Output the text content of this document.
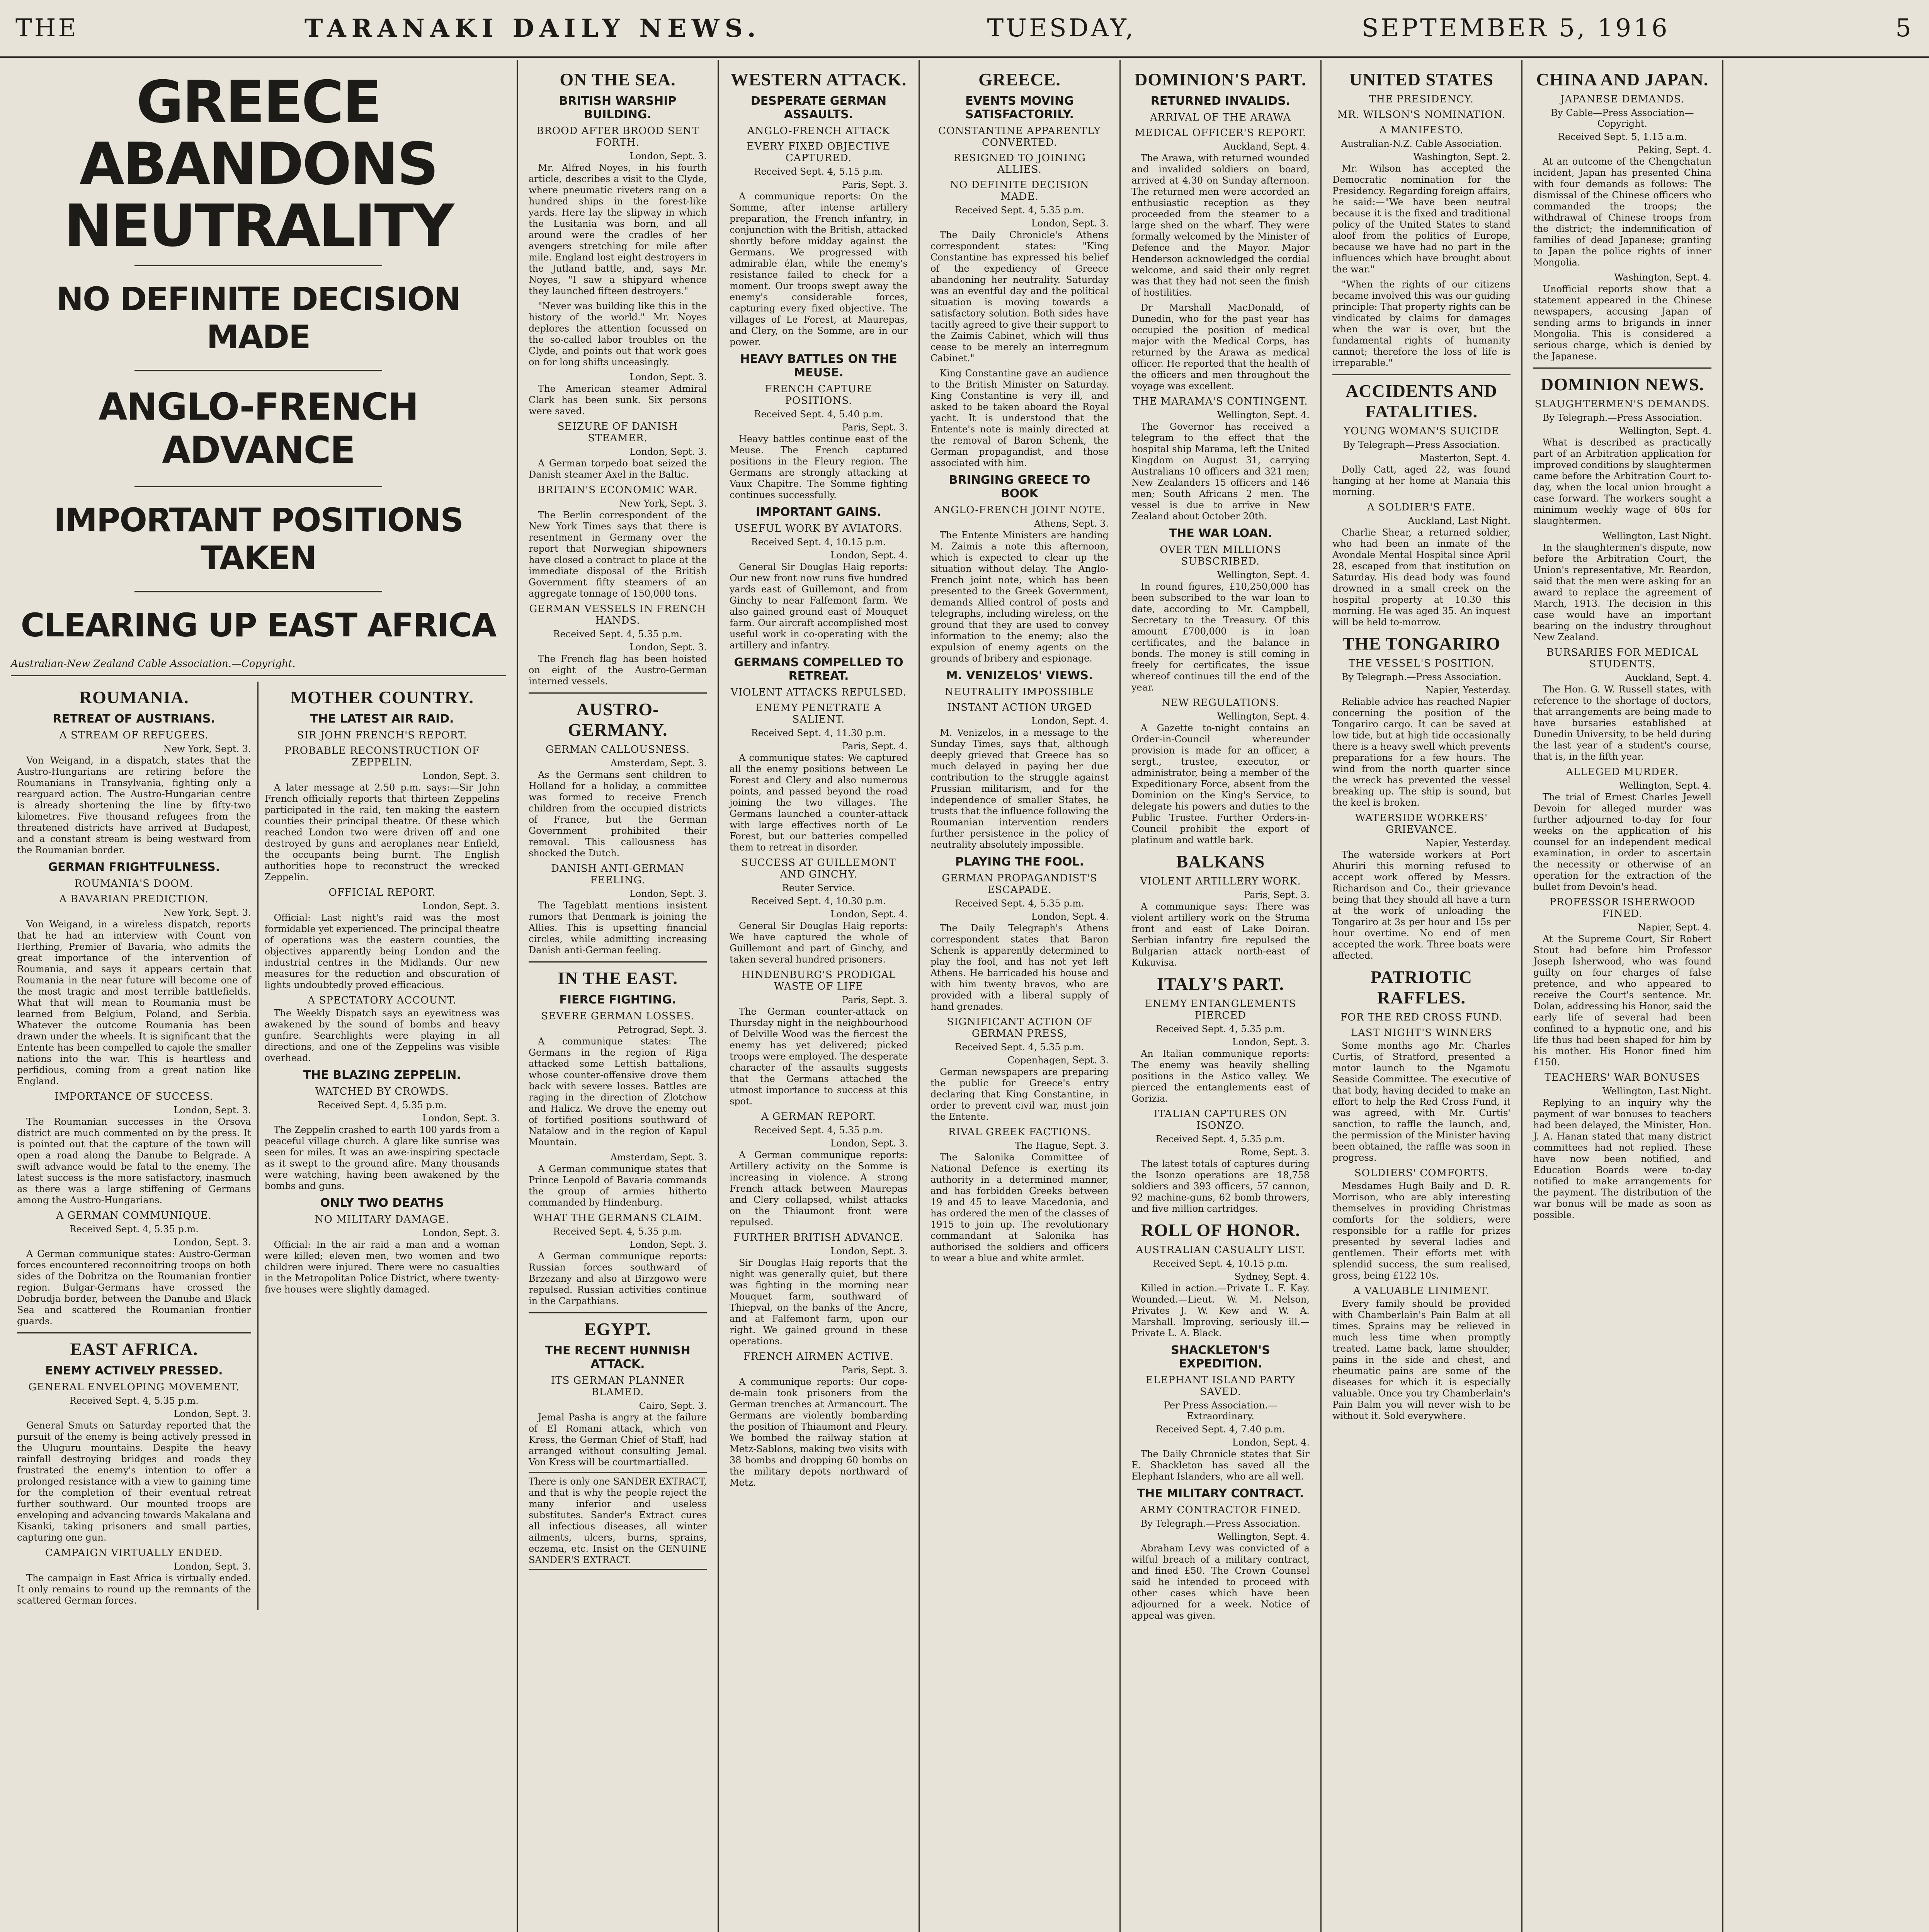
THE	TARANAKI DAILY NEWS.	TUESDAY,	SEPTEMBER 5, 1916	5
GREECE ABANDONS NEUTRALITY
NO DEFINITE DECISION MADE
ANGLO-FRENCH ADVANCE
IMPORTANT POSITIONS TAKEN
CLEARING UP EAST AFRICA
Australian-New Zealand Cable Association.—Copyright.
ROUMANIA.
RETREAT OF AUSTRIANS.
A STREAM OF REFUGEES.
New York, Sept. 3.

Von Weigand, in a dispatch, states that the Austro-Hungarians are retiring before the Roumanians in Transylvania, fighting only a rearguard action. The Austro-Hungarian centre is already shortening the line by fifty-two kilometres. Five thousand refugees from the threatened districts have arrived at Budapest, and a constant stream is being westward from the Roumanian border.

GERMAN FRIGHTFULNESS.
ROUMANIA'S DOOM.
A BAVARIAN PREDICTION.
New York, Sept. 3.

Von Weigand, in a wireless dispatch, reports that he had an interview with Count von Herthing, Premier of Bavaria, who admits the great importance of the intervention of Roumania, and says it appears certain that Roumania in the near future will become one of the most tragic and most terrible battlefields. What that will mean to Roumania must be learned from Belgium, Poland, and Serbia. Whatever the outcome Roumania has been drawn under the wheels. It is significant that the Entente has been compelled to cajole the smaller nations into the war. This is heartless and perfidious, coming from a great nation like England.

IMPORTANCE OF SUCCESS.
London, Sept. 3.

The Roumanian successes in the Orsova district are much commented on by the press. It is pointed out that the capture of the town will open a road along the Danube to Belgrade. A swift advance would be fatal to the enemy. The latest success is the more satisfactory, inasmuch as there was a large stiffening of Germans among the Austro-Hungarians.

A GERMAN COMMUNIQUE.
Received Sept. 4, 5.35 p.m.
London, Sept. 3.

A German communique states: Austro-German forces encountered reconnoitring troops on both sides of the Dobritza on the Roumanian frontier region. Bulgar-Germans have crossed the Dobrudja border, between the Danube and Black Sea and scattered the Roumanian frontier guards.

EAST AFRICA.
ENEMY ACTIVELY PRESSED.
GENERAL ENVELOPING MOVEMENT.
Received Sept. 4, 5.35 p.m.
London, Sept. 3.

General Smuts on Saturday reported that the pursuit of the enemy is being actively pressed in the Uluguru mountains. Despite the heavy rainfall destroying bridges and roads they frustrated the enemy's intention to offer a prolonged resistance with a view to gaining time for the completion of their eventual retreat further southward. Our mounted troops are enveloping and advancing towards Makalana and Kisanki, taking prisoners and small parties, capturing one gun.

CAMPAIGN VIRTUALLY ENDED.
London, Sept. 3.

The campaign in East Africa is virtually ended. It only remains to round up the remnants of the scattered German forces.

MOTHER COUNTRY.
THE LATEST AIR RAID.
SIR JOHN FRENCH'S REPORT.
PROBABLE RECONSTRUCTION OF ZEPPELIN.
London, Sept. 3.

A later message at 2.50 p.m. says:—Sir John French officially reports that thirteen Zeppelins participated in the raid, ten making the eastern counties their principal theatre. Of these which reached London two were driven off and one destroyed by guns and aeroplanes near Enfield, the occupants being burnt. The English authorities hope to reconstruct the wrecked Zeppelin.

OFFICIAL REPORT.
London, Sept. 3.

Official: Last night's raid was the most formidable yet experienced. The principal theatre of operations was the eastern counties, the objectives apparently being London and the industrial centres in the Midlands. Our new measures for the reduction and obscuration of lights undoubtedly proved efficacious.

A SPECTATORY ACCOUNT.

The Weekly Dispatch says an eyewitness was awakened by the sound of bombs and heavy gunfire. Searchlights were playing in all directions, and one of the Zeppelins was visible overhead.

THE BLAZING ZEPPELIN.
WATCHED BY CROWDS.
Received Sept. 4, 5.35 p.m.
London, Sept. 3.

The Zeppelin crashed to earth 100 yards from a peaceful village church. A glare like sunrise was seen for miles. It was an awe-inspiring spectacle as it swept to the ground afire. Many thousands were watching, having been awakened by the bombs and guns.

ONLY TWO DEATHS
NO MILITARY DAMAGE.
London, Sept. 3.

Official: In the air raid a man and a woman were killed; eleven men, two women and two children were injured. There were no casualties in the Metropolitan Police District, where twenty-five houses were slightly damaged.

ON THE SEA.
BRITISH WARSHIP BUILDING.
BROOD AFTER BROOD SENT FORTH.
London, Sept. 3.

Mr. Alfred Noyes, in his fourth article, describes a visit to the Clyde, where pneumatic riveters rang on a hundred ships in the forest-like yards. Here lay the slipway in which the Lusitania was born, and all around were the cradles of her avengers stretching for mile after mile. England lost eight destroyers in the Jutland battle, and, says Mr. Noyes, "I saw a shipyard whence they launched fifteen destroyers."

"Never was building like this in the history of the world." Mr. Noyes deplores the attention focussed on the so-called labor troubles on the Clyde, and points out that work goes on for long shifts unceasingly.

London, Sept. 3.

The American steamer Admiral Clark has been sunk. Six persons were saved.

SEIZURE OF DANISH STEAMER.
London, Sept. 3.

A German torpedo boat seized the Danish steamer Axel in the Baltic.

BRITAIN'S ECONOMIC WAR.
New York, Sept. 3.

The Berlin correspondent of the New York Times says that there is resentment in Germany over the report that Norwegian shipowners have closed a contract to place at the immediate disposal of the British Government fifty steamers of an aggregate tonnage of 150,000 tons.

GERMAN VESSELS IN FRENCH HANDS.
Received Sept. 4, 5.35 p.m.
London, Sept. 3.

The French flag has been hoisted on eight of the Austro-German interned vessels.

AUSTRO-GERMANY.
GERMAN CALLOUSNESS.
Amsterdam, Sept. 3.

As the Germans sent children to Holland for a holiday, a committee was formed to receive French children from the occupied districts of France, but the German Government prohibited their removal. This callousness has shocked the Dutch.

DANISH ANTI-GERMAN FEELING.
London, Sept. 3.

The Tageblatt mentions insistent rumors that Denmark is joining the Allies. This is upsetting financial circles, while admitting increasing Danish anti-German feeling.

IN THE EAST.
FIERCE FIGHTING.
SEVERE GERMAN LOSSES.
Petrograd, Sept. 3.

A communique states: The Germans in the region of Riga attacked some Lettish battalions, whose counter-offensive drove them back with severe losses. Battles are raging in the direction of Zlotchow and Halicz. We drove the enemy out of fortified positions southward of Natalow and in the region of Kapul Mountain.

Amsterdam, Sept. 3.

A German communique states that Prince Leopold of Bavaria commands the group of armies hitherto commanded by Hindenburg.

WHAT THE GERMANS CLAIM.
Received Sept. 4, 5.35 p.m.
London, Sept. 3.

A German communique reports: Russian forces southward of Brzezany and also at Birzgowo were repulsed. Russian activities continue in the Carpathians.

EGYPT.
THE RECENT HUNNISH ATTACK.
ITS GERMAN PLANNER BLAMED.
Cairo, Sept. 3.

Jemal Pasha is angry at the failure of El Romani attack, which von Kress, the German Chief of Staff, had arranged without consulting Jemal. Von Kress will be courtmartialled.

There is only one SANDER EXTRACT, and that is why the people reject the many inferior and useless substitutes. Sander's Extract cures all infectious diseases, all winter ailments, ulcers, burns, sprains, eczema, etc. Insist on the GENUINE SANDER'S EXTRACT.
WESTERN ATTACK.
DESPERATE GERMAN ASSAULTS.
ANGLO-FRENCH ATTACK
EVERY FIXED OBJECTIVE CAPTURED.
Received Sept. 4, 5.15 p.m.
Paris, Sept. 3.

A communique reports: On the Somme, after intense artillery preparation, the French infantry, in conjunction with the British, attacked shortly before midday against the Germans. We progressed with admirable élan, while the enemy's resistance failed to check for a moment. Our troops swept away the enemy's considerable forces, capturing every fixed objective. The villages of Le Forest, at Maurepas, and Clery, on the Somme, are in our power.

HEAVY BATTLES ON THE MEUSE.
FRENCH CAPTURE POSITIONS.
Received Sept. 4, 5.40 p.m.
Paris, Sept. 3.

Heavy battles continue east of the Meuse. The French captured positions in the Fleury region. The Germans are strongly attacking at Vaux Chapitre. The Somme fighting continues successfully.

IMPORTANT GAINS.
USEFUL WORK BY AVIATORS.
Received Sept. 4, 10.15 p.m.
London, Sept. 4.

General Sir Douglas Haig reports: Our new front now runs five hundred yards east of Guillemont, and from Ginchy to near Falfemont farm. We also gained ground east of Mouquet farm. Our aircraft accomplished most useful work in co-operating with the artillery and infantry.

GERMANS COMPELLED TO RETREAT.
VIOLENT ATTACKS REPULSED.
ENEMY PENETRATE A SALIENT.
Received Sept. 4, 11.30 p.m.
Paris, Sept. 4.

A communique states: We captured all the enemy positions between Le Forest and Clery and also numerous points, and passed beyond the road joining the two villages. The Germans launched a counter-attack with large effectives north of Le Forest, but our batteries compelled them to retreat in disorder.

SUCCESS AT GUILLEMONT AND GINCHY.
Reuter Service.
Received Sept. 4, 10.30 p.m.
London, Sept. 4.

General Sir Douglas Haig reports: We have captured the whole of Guillemont and part of Ginchy, and taken several hundred prisoners.

HINDENBURG'S PRODIGAL WASTE OF LIFE
Paris, Sept. 3.

The German counter-attack on Thursday night in the neighbourhood of Delville Wood was the fiercest the enemy has yet delivered; picked troops were employed. The desperate character of the assaults suggests that the Germans attached the utmost importance to success at this spot.

A GERMAN REPORT.
Received Sept. 4, 5.35 p.m.
London, Sept. 3.

A German communique reports: Artillery activity on the Somme is increasing in violence. A strong French attack between Maurepas and Clery collapsed, whilst attacks on the Thiaumont front were repulsed.

FURTHER BRITISH ADVANCE.
London, Sept. 3.

Sir Douglas Haig reports that the night was generally quiet, but there was fighting in the morning near Mouquet farm, southward of Thiepval, on the banks of the Ancre, and at Falfemont farm, upon our right. We gained ground in these operations.

FRENCH AIRMEN ACTIVE.
Paris, Sept. 3.

A communique reports: Our cope-de-main took prisoners from the German trenches at Armancourt. The Germans are violently bombarding the position of Thiaumont and Fleury. We bombed the railway station at Metz-Sablons, making two visits with 38 bombs and dropping 60 bombs on the military depots northward of Metz.

GREECE.
EVENTS MOVING SATISFACTORILY.
CONSTANTINE APPARENTLY CONVERTED.
RESIGNED TO JOINING ALLIES.
NO DEFINITE DECISION MADE.
Received Sept. 4, 5.35 p.m.
London, Sept. 3.

The Daily Chronicle's Athens correspondent states: "King Constantine has expressed his belief of the expediency of Greece abandoning her neutrality. Saturday was an eventful day and the political situation is moving towards a satisfactory solution. Both sides have tacitly agreed to give their support to the Zaimis Cabinet, which will thus cease to be merely an interregnum Cabinet."

King Constantine gave an audience to the British Minister on Saturday. King Constantine is very ill, and asked to be taken aboard the Royal yacht. It is understood that the Entente's note is mainly directed at the removal of Baron Schenk, the German propagandist, and those associated with him.

BRINGING GREECE TO BOOK
ANGLO-FRENCH JOINT NOTE.
Athens, Sept. 3.

The Entente Ministers are handing M. Zaimis a note this afternoon, which is expected to clear up the situation without delay. The Anglo-French joint note, which has been presented to the Greek Government, demands Allied control of posts and telegraphs, including wireless, on the ground that they are used to convey information to the enemy; also the expulsion of enemy agents on the grounds of bribery and espionage.

M. VENIZELOS' VIEWS.
NEUTRALITY IMPOSSIBLE
INSTANT ACTION URGED
London, Sept. 4.

M. Venizelos, in a message to the Sunday Times, says that, although deeply grieved that Greece has so much delayed in paying her due contribution to the struggle against Prussian militarism, and for the independence of smaller States, he trusts that the influence following the Roumanian intervention renders further persistence in the policy of neutrality absolutely impossible.

PLAYING THE FOOL.
GERMAN PROPAGANDIST'S ESCAPADE.
Received Sept. 4, 5.35 p.m.
London, Sept. 4.

The Daily Telegraph's Athens correspondent states that Baron Schenk is apparently determined to play the fool, and has not yet left Athens. He barricaded his house and with him twenty bravos, who are provided with a liberal supply of hand grenades.

SIGNIFICANT ACTION OF GERMAN PRESS,
Received Sept. 4, 5.35 p.m.
Copenhagen, Sept. 3.

German newspapers are preparing the public for Greece's entry declaring that King Constantine, in order to prevent civil war, must join the Entente.

RIVAL GREEK FACTIONS.
The Hague, Sept. 3.

The Salonika Committee of National Defence is exerting its authority in a determined manner, and has forbidden Greeks between 19 and 45 to leave Macedonia, and has ordered the men of the classes of 1915 to join up. The revolutionary commandant at Salonika has authorised the soldiers and officers to wear a blue and white armlet.

DOMINION'S PART.
RETURNED INVALIDS.
ARRIVAL OF THE ARAWA
MEDICAL OFFICER'S REPORT.
Auckland, Sept. 4.

The Arawa, with returned wounded and invalided soldiers on board, arrived at 4.30 on Sunday afternoon. The returned men were accorded an enthusiastic reception as they proceeded from the steamer to a large shed on the wharf. They were formally welcomed by the Minister of Defence and the Mayor. Major Henderson acknowledged the cordial welcome, and said their only regret was that they had not seen the finish of hostilities.

Dr Marshall MacDonald, of Dunedin, who for the past year has occupied the position of medical major with the Medical Corps, has returned by the Arawa as medical officer. He reported that the health of the officers and men throughout the voyage was excellent.

THE MARAMA'S CONTINGENT.
Wellington, Sept. 4.

The Governor has received a telegram to the effect that the hospital ship Marama, left the United Kingdom on August 31, carrying Australians 10 officers and 321 men; New Zealanders 15 officers and 146 men; South Africans 2 men. The vessel is due to arrive in New Zealand about October 20th.

THE WAR LOAN.
OVER TEN MILLIONS SUBSCRIBED.
Wellington, Sept. 4.

In round figures, £10,250,000 has been subscribed to the war loan to date, according to Mr. Campbell, Secretary to the Treasury. Of this amount £700,000 is in loan certificates, and the balance in bonds. The money is still coming in freely for certificates, the issue whereof continues till the end of the year.

NEW REGULATIONS.
Wellington, Sept. 4.

A Gazette to-night contains an Order-in-Council whereunder provision is made for an officer, a sergt., trustee, executor, or administrator, being a member of the Expeditionary Force, absent from the Dominion on the King's Service, to delegate his powers and duties to the Public Trustee. Further Orders-in-Council prohibit the export of platinum and wattle bark.

BALKANS
VIOLENT ARTILLERY WORK.
Paris, Sept. 3.

A communique says: There was violent artillery work on the Struma front and east of Lake Doiran. Serbian infantry fire repulsed the Bulgarian attack north-east of Kukuvisa.

ITALY'S PART.
ENEMY ENTANGLEMENTS PIERCED
Received Sept. 4, 5.35 p.m.
London, Sept. 3.

An Italian communique reports: The enemy was heavily shelling positions in the Astico valley. We pierced the entanglements east of Gorizia.

ITALIAN CAPTURES ON ISONZO.
Received Sept. 4, 5.35 p.m.
Rome, Sept. 3.

The latest totals of captures during the Isonzo operations are 18,758 soldiers and 393 officers, 57 cannon, 92 machine-guns, 62 bomb throwers, and five million cartridges.

ROLL OF HONOR.
AUSTRALIAN CASUALTY LIST.
Received Sept. 4, 10.15 p.m.
Sydney, Sept. 4.

Killed in action.—Private L. F. Kay. Wounded.—Lieut. W. M. Nelson, Privates J. W. Kew and W. A. Marshall. Improving, seriously ill.—Private L. A. Black.

SHACKLETON'S EXPEDITION.
ELEPHANT ISLAND PARTY SAVED.
Per Press Association.—Extraordinary.
Received Sept. 4, 7.40 p.m.
London, Sept. 4.

The Daily Chronicle states that Sir E. Shackleton has saved all the Elephant Islanders, who are all well.

THE MILITARY CONTRACT.
ARMY CONTRACTOR FINED.
By Telegraph.—Press Association.
Wellington, Sept. 4.

Abraham Levy was convicted of a wilful breach of a military contract, and fined £50. The Crown Counsel said he intended to proceed with other cases which have been adjourned for a week. Notice of appeal was given.

UNITED STATES
THE PRESIDENCY.
MR. WILSON'S NOMINATION.
A MANIFESTO.
Australian-N.Z. Cable Association.
Washington, Sept. 2.

Mr. Wilson has accepted the Democratic nomination for the Presidency. Regarding foreign affairs, he said:—"We have been neutral because it is the fixed and traditional policy of the United States to stand aloof from the politics of Europe, because we have had no part in the influences which have brought about the war."

"When the rights of our citizens became involved this was our guiding principle: That property rights can be vindicated by claims for damages when the war is over, but the fundamental rights of humanity cannot; therefore the loss of life is irreparable."

ACCIDENTS AND FATALITIES.
YOUNG WOMAN'S SUICIDE
By Telegraph—Press Association.
Masterton, Sept. 4.

Dolly Catt, aged 22, was found hanging at her home at Manaia this morning.

A SOLDIER'S FATE.
Auckland, Last Night.

Charlie Shear, a returned soldier, who had been an inmate of the Avondale Mental Hospital since April 28, escaped from that institution on Saturday. His dead body was found drowned in a small creek on the hospital property at 10.30 this morning. He was aged 35. An inquest will be held to-morrow.

THE TONGARIRO
THE VESSEL'S POSITION.
By Telegraph.—Press Association.
Napier, Yesterday.

Reliable advice has reached Napier concerning the position of the Tongariro cargo. It can be saved at low tide, but at high tide occasionally there is a heavy swell which prevents preparations for a few hours. The wind from the north quarter since the wreck has prevented the vessel breaking up. The ship is sound, but the keel is broken.

WATERSIDE WORKERS' GRIEVANCE.
Napier, Yesterday.

The waterside workers at Port Ahuriri this morning refused to accept work offered by Messrs. Richardson and Co., their grievance being that they should all have a turn at the work of unloading the Tongariro at 3s per hour and 15s per hour overtime. No end of men accepted the work. Three boats were affected.

PATRIOTIC RAFFLES.
FOR THE RED CROSS FUND.
LAST NIGHT'S WINNERS

Some months ago Mr. Charles Curtis, of Stratford, presented a motor launch to the Ngamotu Seaside Committee. The executive of that body, having decided to make an effort to help the Red Cross Fund, it was agreed, with Mr. Curtis' sanction, to raffle the launch, and, the permission of the Minister having been obtained, the raffle was soon in progress.

SOLDIERS' COMFORTS.

Mesdames Hugh Baily and D. R. Morrison, who are ably interesting themselves in providing Christmas comforts for the soldiers, were responsible for a raffle for prizes presented by several ladies and gentlemen. Their efforts met with splendid success, the sum realised, gross, being £122 10s.

A VALUABLE LINIMENT.

Every family should be provided with Chamberlain's Pain Balm at all times. Sprains may be relieved in much less time when promptly treated. Lame back, lame shoulder, pains in the side and chest, and rheumatic pains are some of the diseases for which it is especially valuable. Once you try Chamberlain's Pain Balm you will never wish to be without it. Sold everywhere.

CHINA AND JAPAN.
JAPANESE DEMANDS.
By Cable—Press Association—Copyright.
Received Sept. 5, 1.15 a.m.
Peking, Sept. 4.

At an outcome of the Chengchatun incident, Japan has presented China with four demands as follows: The dismissal of the Chinese officers who commanded the troops; the withdrawal of Chinese troops from the district; the indemnification of families of dead Japanese; granting to Japan the police rights of inner Mongolia.

Washington, Sept. 4.

Unofficial reports show that a statement appeared in the Chinese newspapers, accusing Japan of sending arms to brigands in inner Mongolia. This is considered a serious charge, which is denied by the Japanese.

DOMINION NEWS.
SLAUGHTERMEN'S DEMANDS.
By Telegraph.—Press Association.
Wellington, Sept. 4.

What is described as practically part of an Arbitration application for improved conditions by slaughtermen came before the Arbitration Court to-day, when the local union brought a case forward. The workers sought a minimum weekly wage of 60s for slaughtermen.

Wellington, Last Night.

In the slaughtermen's dispute, now before the Arbitration Court, the Union's representative, Mr. Reardon, said that the men were asking for an award to replace the agreement of March, 1913. The decision in this case would have an important bearing on the industry throughout New Zealand.

BURSARIES FOR MEDICAL STUDENTS.
Auckland, Sept. 4.

The Hon. G. W. Russell states, with reference to the shortage of doctors, that arrangements are being made to have bursaries established at Dunedin University, to be held during the last year of a student's course, that is, in the fifth year.

ALLEGED MURDER.
Wellington, Sept. 4.

The trial of Ernest Charles Jewell Devoin for alleged murder was further adjourned to-day for four weeks on the application of his counsel for an independent medical examination, in order to ascertain the necessity or otherwise of an operation for the extraction of the bullet from Devoin's head.

PROFESSOR ISHERWOOD FINED.
Napier, Sept. 4.

At the Supreme Court, Sir Robert Stout had before him Professor Joseph Isherwood, who was found guilty on four charges of false pretence, and who appeared to receive the Court's sentence. Mr. Dolan, addressing his Honor, said the early life of several had been confined to a hypnotic one, and his life thus had been shaped for him by his mother. His Honor fined him £150.

TEACHERS' WAR BONUSES
Wellington, Last Night.

Replying to an inquiry why the payment of war bonuses to teachers had been delayed, the Minister, Hon. J. A. Hanan stated that many district committees had not replied. These have now been notified, and Education Boards were to-day notified to make arrangements for the payment. The distribution of the war bonus will be made as soon as possible.
